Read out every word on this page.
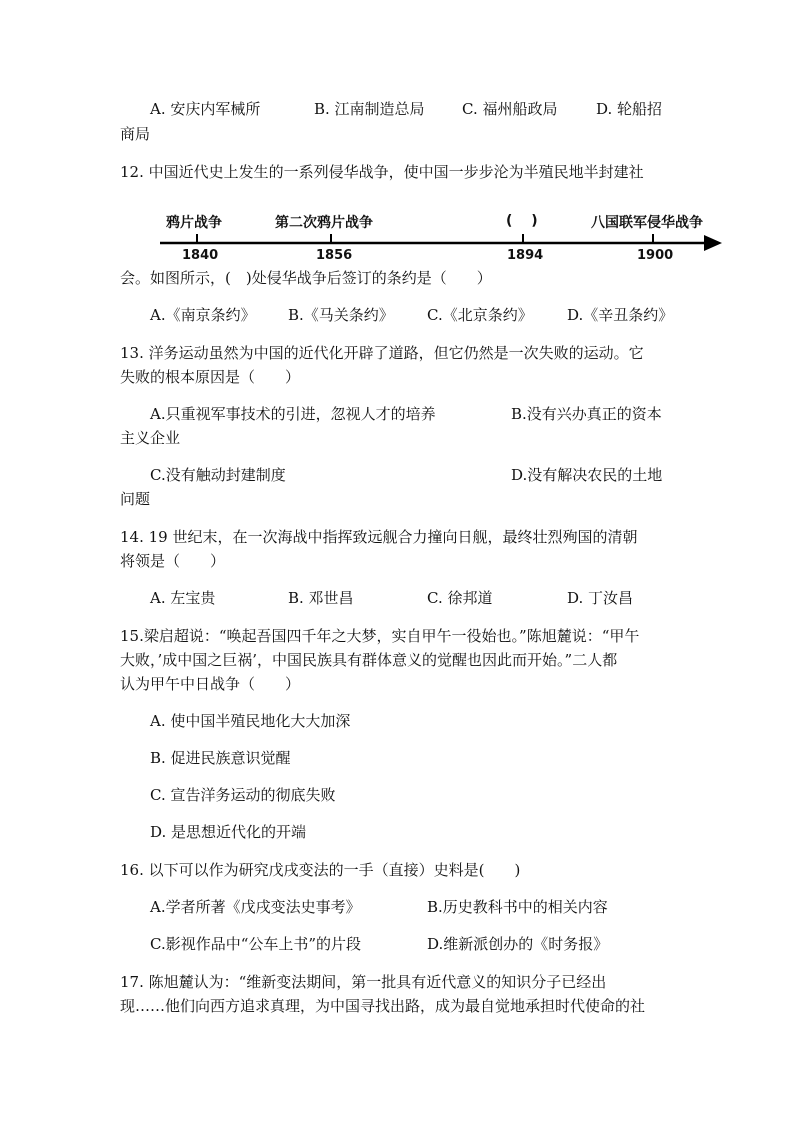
A. 安庆内军械所	B. 江南制造总局 C. 福州船政局	D. 轮船招
商局
12. 中国近代史上发生的一系列侵华战争，使中国一步步沦为半殖民地半封建社
鸦片战争	第二次鸦片战争	(　 )	八国联军侵华战争
1840	1856	1894	1900
会。如图所示，(　)处侵华战争后签订的条约是（　　）
A.《南京条约》 B.《马关条约》 C.《北京条约》 D.《辛丑条约》
13. 洋务运动虽然为中国的近代化开辟了道路，但它仍然是一次失败的运动。它
失败的根本原因是（　　）
A.只重视军事技术的引进，忽视人才的培养	B.没有兴办真正的资本
主义企业
C.没有触动封建制度	D.没有解决农民的土地
问题
14. 19 世纪末，在一次海战中指挥致远舰合力撞向日舰，最终壮烈殉国的清朝
将领是（　　）
A. 左宝贵	B. 邓世昌	C. 徐邦道	D. 丁汝昌
15.梁启超说：“唤起吾国四千年之大梦，实自甲午一役始也。”陈旭麓说：“甲午
大败，’成中国之巨祸’，中国民族具有群体意义的觉醒也因此而开始。”二人都
认为甲午中日战争（　　）
A. 使中国半殖民地化大大加深
B. 促进民族意识觉醒
C. 宣告洋务运动的彻底失败
D. 是思想近代化的开端
16. 以下可以作为研究戊戌变法的一手（直接）史料是(　　)
A.学者所著《戊戌变法史事考》	B.历史教科书中的相关内容
C.影视作品中“公车上书”的片段	D.维新派创办的《时务报》
17. 陈旭麓认为：“维新变法期间，第一批具有近代意义的知识分子已经出
现……他们向西方追求真理，为中国寻找出路，成为最自觉地承担时代使命的社
